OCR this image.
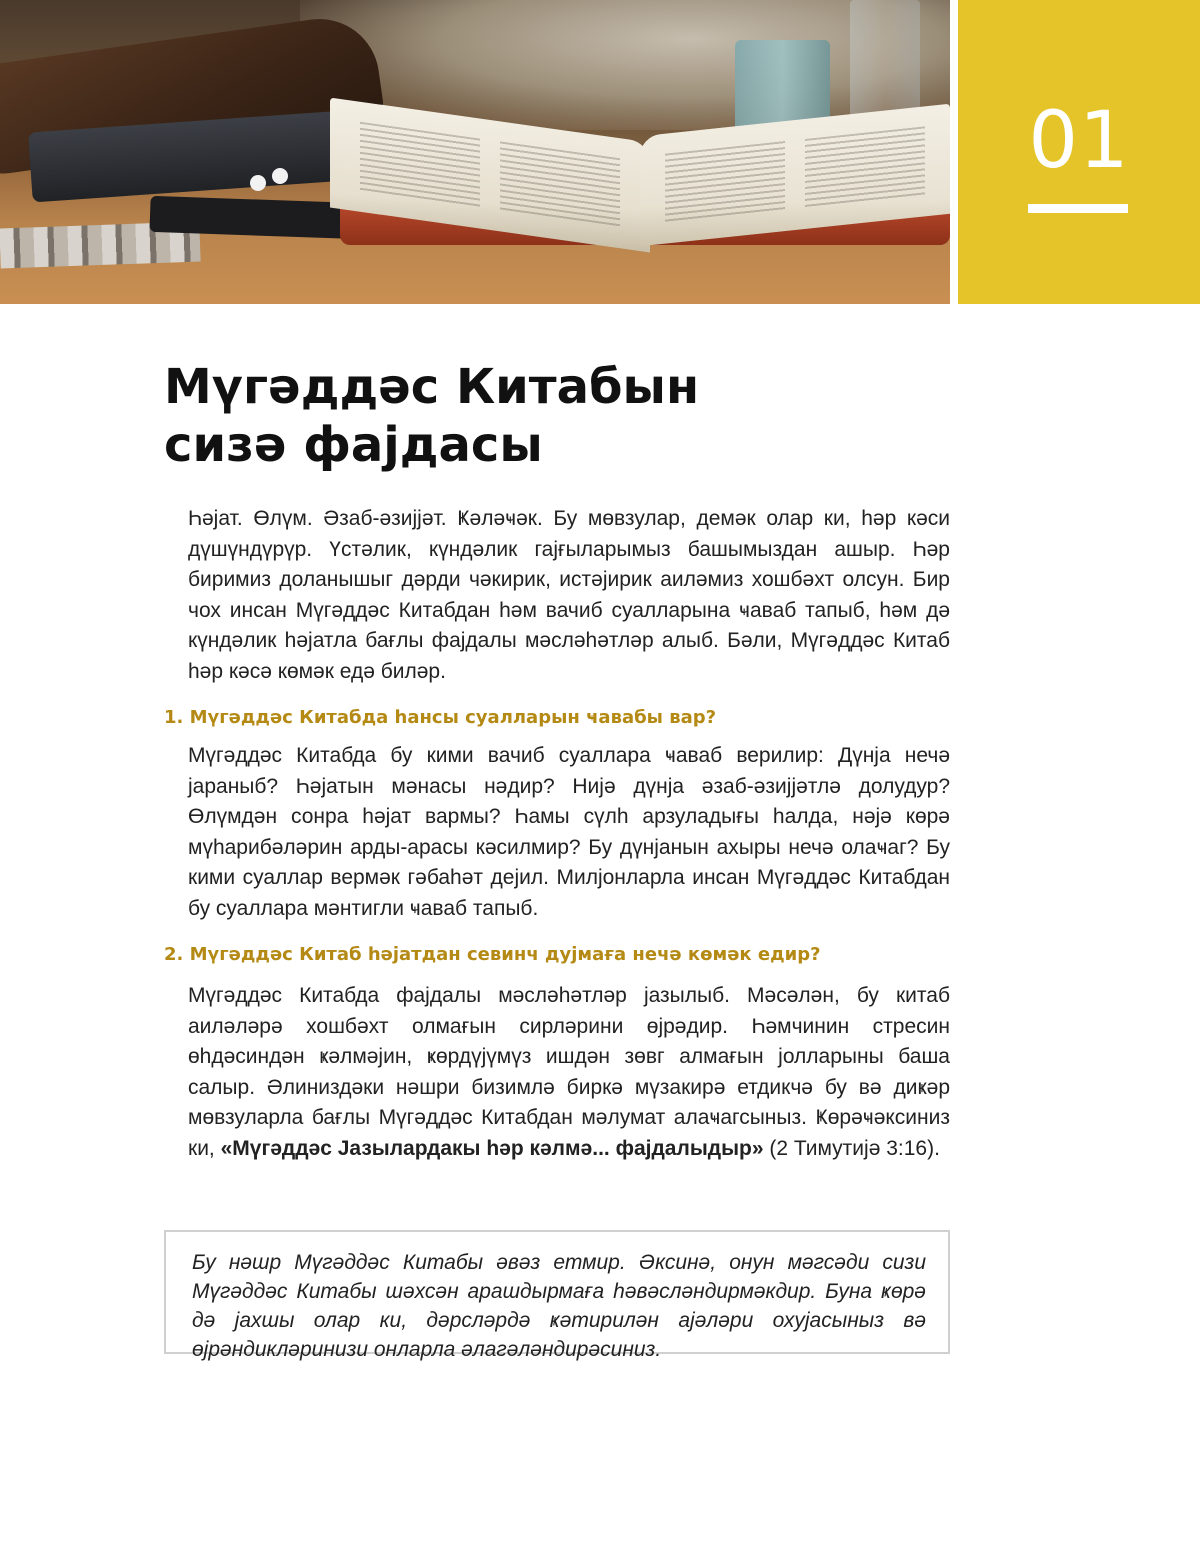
01
Мүгәддәс Китабын
сизә фајдасы

Һәјат. Өлүм. Әзаб-әзијјәт. Ҝәләҹәк. Бу мөвзулар, демәк олар ки, һәр кәси дүшүндүрүр. Үстәлик, күндәлик гајғыларымыз башымыздан ашыр. Һәр биримиз доланышыг дәрди чәкирик, истәјирик аиләмиз хошбәхт олсун. Бир чох инсан Мүгәддәс Китабдан һәм вачиб суалларына ҹаваб тапыб, һәм дә күндәлик һәјатла бағлы фајдалы мәсләһәтләр алыб. Бәли, Мүгәддәс Китаб һәр кәсә көмәк едә биләр.

1. Мүгәддәс Китабда һансы суалларын ҹавабы вар?

Мүгәддәс Китабда бу кими вачиб суаллара ҹаваб верилир: Дүнја нечә јараныб? Һәјатын мәнасы нәдир? Нијә дүнја әзаб-әзијјәтлә долудур? Өлүмдән сонра һәјат вармы? Һамы сүлһ арзуладығы һалда, нәјә көрә мүһарибәләрин арды-арасы кәсилмир? Бу дүнјанын ахыры нечә олаҹаг? Бу кими суаллар вермәк гәбаһәт дејил. Милјонларла инсан Мүгәддәс Китабдан бу суаллара мәнтигли ҹаваб тапыб.

2. Мүгәддәс Китаб һәјатдан севинч дујмаға нечә көмәк едир?

Мүгәддәс Китабда фајдалы мәсләһәтләр јазылыб. Мәсәлән, бу китаб аиләләрә хошбәхт олмағын сирләрини өјрәдир. Һәмчинин стресин өһдәсиндән ҝәлмәјин, ҝөрдүјүмүз ишдән зөвг алмағын јолларыны баша салыр. Әлиниздәки нәшри бизимлә биркә мүзакирә етдикчә бу вә диҝәр мөвзуларла бағлы Мүгәддәс Китабдан мәлумат алаҹагсыныз. Ҝөрәҹәксиниз ки, «Мүгәддәс Јазылардакы һәр кәлмә... фајдалыдыр» (2 Тимутијә 3:16).

Бу нәшр Мүгәддәс Китабы әвәз етмир. Әксинә, онун мәгсәди сизи Мүгәддәс Китабы шәхсән арашдырмаға һәвәсләндирмәкдир. Буна ҝөрә дә јахшы олар ки, дәрсләрдә ҝәтирилән ајәләри охујасыныз вә өјрәндикләринизи онларла әлагәләндирәсиниз.
